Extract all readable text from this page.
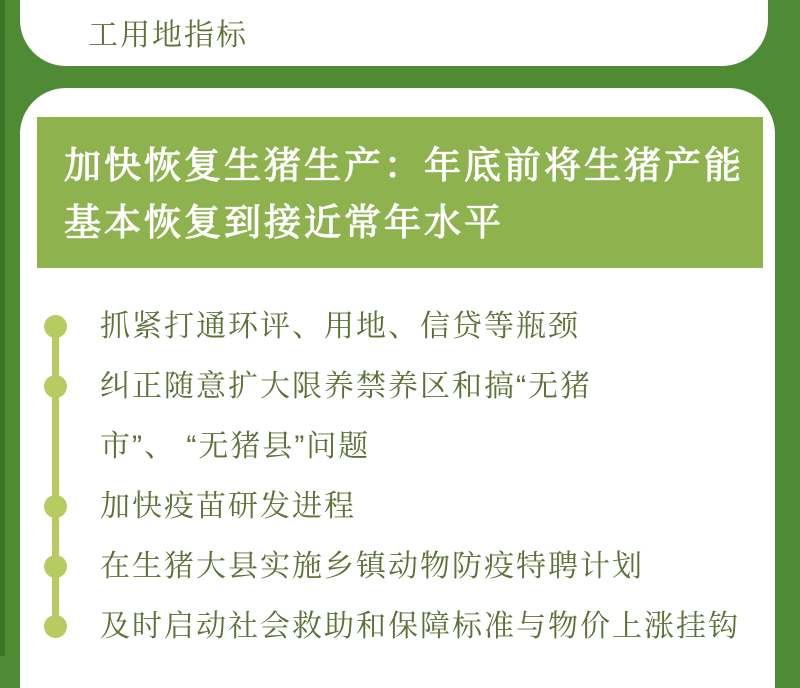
工用地指标
加快恢复生猪生产：年底前将生猪产能
基本恢复到接近常年水平
抓紧打通环评、用地、信贷等瓶颈
纠正随意扩大限养禁养区和搞“无猪
市”、 “无猪县”问题
加快疫苗研发进程
在生猪大县实施乡镇动物防疫特聘计划
及时启动社会救助和保障标准与物价上涨挂钩
